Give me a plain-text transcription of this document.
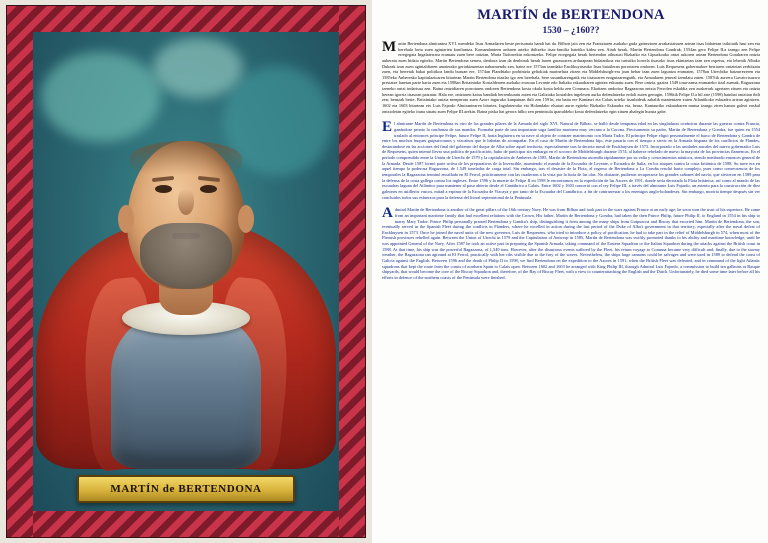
MARTÍN de BERTENDONA
MARTÍN de BERTENDONA
1530 – ¿160??

Martin Bertendona almirantea XVI. mendeko Itsas Armadaren beste pertsonaia handi bat da. Bilbon jaio zen eta Frantziaren aurkako guda gaineztoen arrakastatsuen artean itsas bidaietan txikitatik hasi zen eta berehala lortu zuen agintarien konfiantza. Komandanteen arduren arteko ibiltzeko itsas-familia batetiko kidea zen. Aitak berak, Martin Bertendona Gondrak, 1554an gero Felipe II.a izango zen Felipe erregegaia Ingalaterrara eramatu zuen bere ontzian, Maria Tudorrekin ezkontzeko. Felipe erregegaia berak bertendon oihuzuzi Bizkaiko eta Gipuzkoako ontzi askoren artean Bertendona Gondraren ontzia aukeratu zuen bidaia egiteko. Martin Bertendona semea, denbora izan da denborak berak haren gurasoaren ardurapean bidaiarikoa eta turistiko horrela itsasoko itsas ekintzetan izan zen ospetsu, eta lehenik Albako Dukeak izan zuen agintaldiaren amaierako gertakizunetan nabarmendu zen, batez ere 1573an izandako Enclikuyuseuko Itsas bataileran porrotaren ondoren. Luis Requesens gobernadore berriaren ontzietan zerbitzatu zuen, eta herretak bakai politikoa landu buruan ere, 1574an Flandriako probintzia geltokiak marinelura zitzen eta Middelsburgh-era joan behar izan zuen laguntza eramaten, 1578an Utrechtko batzarrezeren eta 1585eko Anberesko kapitulazioaren bitartean Martin Bertendona niazlar igo zen berehala, bere susantkarengatik eta itsasoaren ezagutzarengatik, eta Armadaren jeneral izendatu zuten. 1587tik aurrera Gavaicrisuzwo prestatze lanetan parte hartu zuen eta 1588an Britainiako Kostaldearen aurkako erasoan Levante edo Italiako eskuadraren agintea eskuratu zuen. Bere ontzia, gaztea 1549 tona-zama eramateko itzal zuenak, Ragazzona izeneko ontzi indartsua zen. Baina ontzidiaren porrotaren ondoren Bertendona kosta okula kosta heldu zen Corunara. Ekaitzen ondorioz Ragazzona ontzia Ferrolen eskaldia zen zuzkerrak agertzen zituen eta ontzia berean igorriz itsasoan paizatur. Hala ere, ontziaren kaixu bandiak berreukuratu zuten eta Galiziako kostaldea ingelesen aurka defendatzeko erdoli zuten gerragin. 1596tik Felipe II.a hil arte (1598) hainbat ontzitan ibili zen; bentzak beste, Britainiako ontzia menperatu zuen Azorr inguruko kanpainan ibili zen 1591n, eta baita ere Kantauri eta Calais urteko itsasbideak zabalik mantentzen zuten Atlantikoko eskuadra artean agintzen. 1602 eta 1603 bitartean etx Luis Fajardo Almirantearen bitartez, Ingalaterrako eta Holandako elsaiari aurre egiteko Bizkaiko Eskuadra eta, beraz, Kantauriko eskuadraren mutua izango ziren hamar galeoi euskal ontzioletan egiteko ituna sinatu zuen Felipe III.arekin. Baina pixka bat gerora hilko zen penintsula iparraldeko kosta defendatzeko egin zituen ahalegin huruta gabe.

El almirante Martín de Bertendona es otro de los grandes pilares de la Armada del siglo XVI. Natural de Bilbao, se halló desde temprana edad en las singladuras oceánicas durante las guerras contra Francia, ganándose pronto la confianza de sus mandos. Formaba parte de una importante saga familiar marinera muy cercana a la Corona. Precisamente su padre, Martín de Bertendona y Gondra, fue quien en 1554 traslado al entonces príncipe Felipe, futuro Felipe II, hasta Inglaterra en su nave al objeto de contraer matrimonio con María Tudor. El príncipe Felipe eligió personalmente el barco de Bertendona y Gondra de entre los muchos buques guipuzcoanos y vizcaínos que le habrían de acompañar. En el caso de Martín de Bertendona hijo, éste pasaría con el tiempo a servir en la Armada hispana de los conflictos de Flandes, destacándose en las acciones del final del gobierno del duque de Alba sobre aquel territorio, especialmente tras la derrota naval de Enckhuysen de 1573. Incorporado a las unidades navales del nuevo gobernador Luis de Requesens, quien intentó llevar una política de pacificación, hubo de participar sin embargo en el socorro de Middelsburgh durante 1574, al haberse rebelado de nuevo la mayoría de las provincias flamencas. En el período comprendido entre la Unión de Utrecht de 1579 y la capitulación de Amberes de 1585, Martín de Bertendona ascendía rápidamente por su valía y conocimientos náuticos, siendo nombrado entonces general de la Armada. Desde 1587 formó parte activa de los preparativos de la Invencible, asumiendo el mando de la Escuadra de Levante, o Escuadra de Italia, en los ataques contra la costa británica de 1588. Su nave era en aquel tiempo la poderosa Ragazzona, de 1.549 toneladas de carga total. Sin embargo, tras el desastre de la Flota, el regreso de Bertendona a La Coruña resultó harto complejo, pues como consecuencia de los temporales la Ragazzona terminó encallada en El Ferrol, prácticamente con las cuadernas a la vista por la furia de las olas. No obstante, pudieron recuperarse los grandes cañones del navío, que sirvieron en 1589 para la defensa de la costa gallega contra los ingleses. Entre 1596 y la muerte de Felipe II en 1598 le encontramos en la expedición de las Azores de 1591, donde sería derrotada la Flota británica, así como al mando de las escuadras laguna del Atlántico para mantener al paso abierto desde el Cantábrico a Calais. Entre 1602 y 1603 concertó con el rey Felipe III, a través del almirante Luis Fajardo, un asiento para la construcción de diez galeones en astilleros vascos, mitad a espinar de la Escuadra de Vizcaya y por tanto de la Escuadra del Cantábrico, a fin de contrarrestar a los enemigos anglo-holandeses. Sin embargo, moriría tiempo después sin ver concluidos todos sus esfuerzos para la defensa del litoral septentrional de la Península.

Admiral Martín de Bertendona is another of the great pillars of the 16th century Navy. He was from Bilbao and took part in the wars against France at an early age; he soon won the trust of his superiors. He came from an important maritime family that had excellent relations with the Crown, His father, Martín de Bertendona y Gondra, had taken the then Prince Philip, future Philip II, to England in 1554 in his ship to marry Mary Tudor. Prince Philip personally praised Bertendona y Gandra's ship, distinguishing it from among the many ships from Guipuzcoa and Biscay that escorted him. Martín de Bertendona, the son, eventually served in the Spanish Fleet during the conflicts in Flanders, where he excelled in action during the last period of the Duke of Alba's government in that territory, especially after the naval defeat of Enckhuysen in 1573. Once he joined the naval units of the new governor, Luis de Requesens, who tried to introduce a policy of pacification, he had to take part in the relief of Middelsburgh in 574, when most of the Flemish provinces rebelled again. Between the Union of Utrecht in 1579 and the Capitulation of Antwerp in 1585, Martín de Bertendona was swiftly promoted thanks to his ability and maritime knowledge, until he was appointed General of the Navy. After 1587 he took an active part in preparing the Spanish Armada, taking command of the Eastern Squadron or the Italian Squadron during the attacks against the British coast in 1588. At that time, his ship was the powerful Ragazzona, of 1,549 tons. However, after the disastrous events suffered by the Fleet, his return voyage to Corunna became very difficult and, finally, due to the stormy weather, the Ragazzona ran aground at El Ferrol, practically with her ribs visible due to the fury of the waves. Nevertheless, the ships large cannons could be salvages and were used in 1589 to defend the coast of Galicia against the English. Between 1596 and the death of Philip II in 1598, we find Bertendona on the expedition to the Azores in 1591, when the British Fleet was defeated, and in command of the light Atlantic squadrons that kept the route from the coasts of northern Spain to Calais open. Between 1602 and 1603 he arranged with King Philip III, through Admiral Luis Fajardo, a commission to build ten galleons at Basque shipyards, that would become the core of the Biscay Squadron and, therefore, of the Bay of Biscay Fleet, with a view to counterattacking the English and the Dutch. Unfortunately, he died some time later before all his efforts in defence of the northern coasts of the Peninsula were finished.
